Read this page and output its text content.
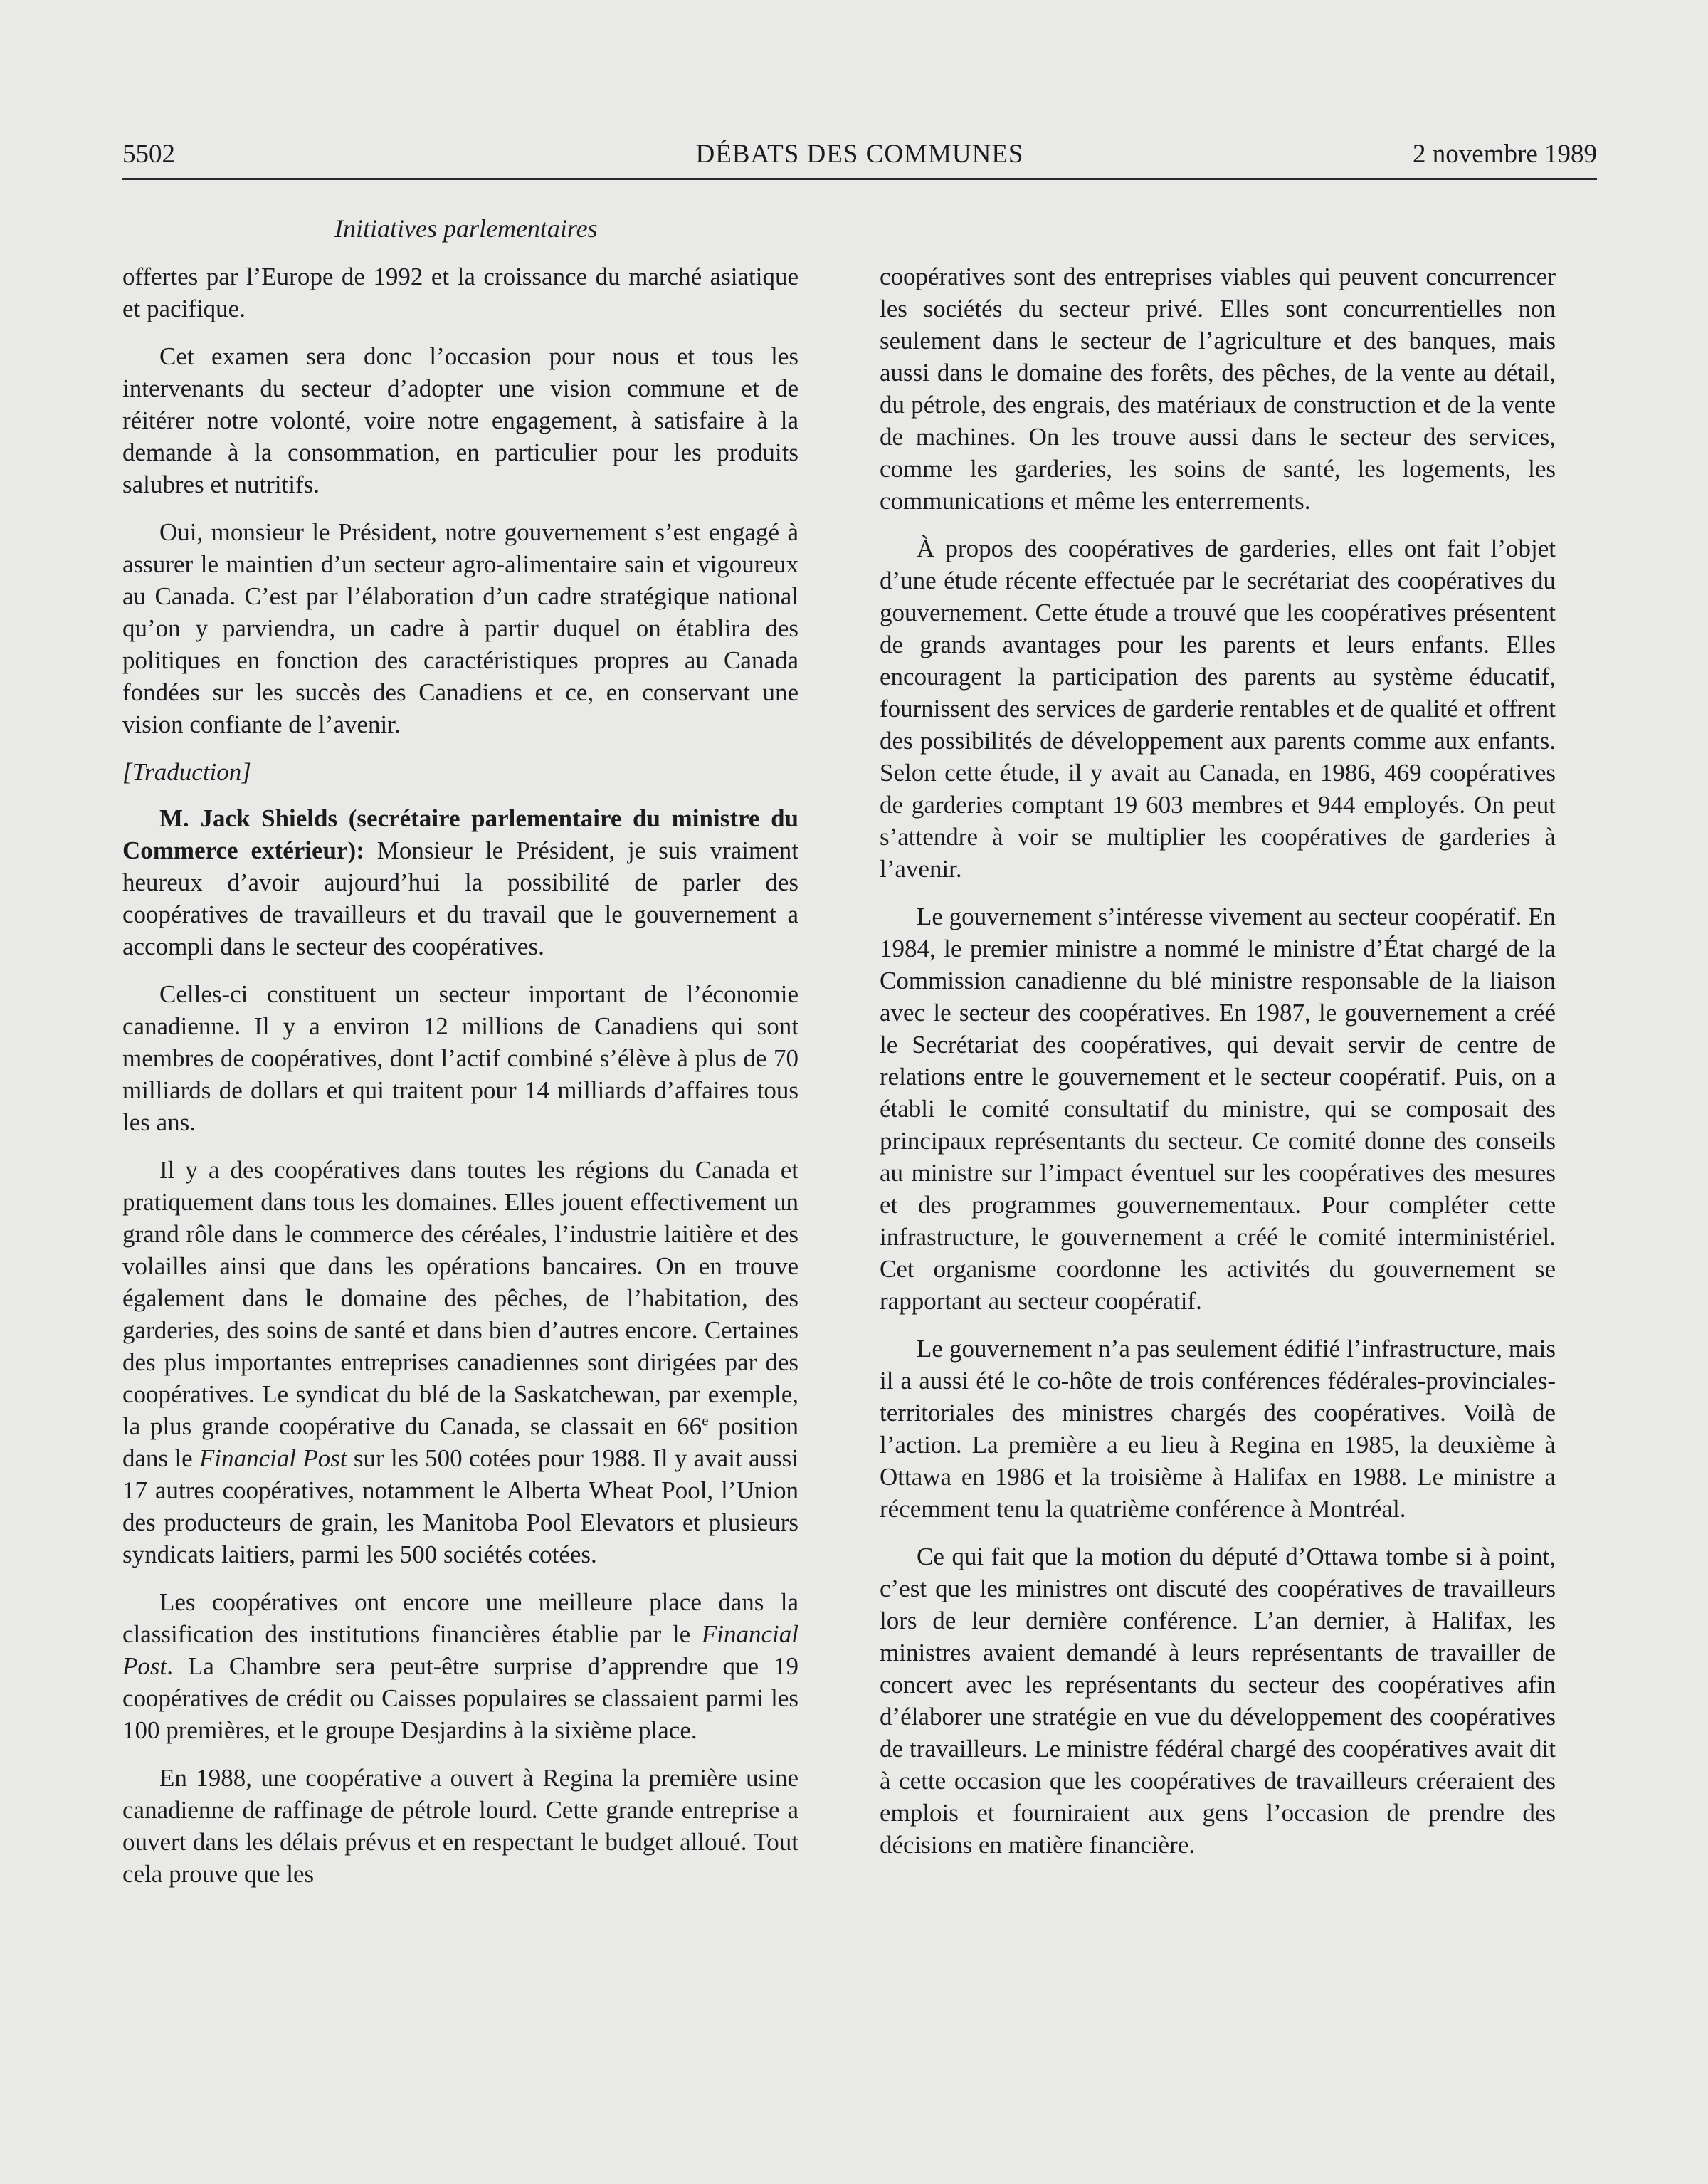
5502	DÉBATS DES COMMUNES	2 novembre 1989
Initiatives parlementaires

offertes par l’Europe de 1992 et la croissance du marché asiatique et pacifique.

Cet examen sera donc l’occasion pour nous et tous les intervenants du secteur d’adopter une vision commune et de réitérer notre volonté, voire notre engagement, à satisfaire à la demande à la consommation, en particulier pour les produits salubres et nutritifs.

Oui, monsieur le Président, notre gouvernement s’est engagé à assurer le maintien d’un secteur agro-alimentaire sain et vigoureux au Canada. C’est par l’élaboration d’un cadre stratégique national qu’on y parviendra, un cadre à partir duquel on établira des politiques en fonction des caractéristiques propres au Canada fondées sur les succès des Canadiens et ce, en conservant une vision confiante de l’avenir.

[Traduction]

M. Jack Shields (secrétaire parlementaire du ministre du Commerce extérieur): Monsieur le Président, je suis vraiment heureux d’avoir aujourd’hui la possibilité de parler des coopératives de travailleurs et du travail que le gouvernement a accompli dans le secteur des coopératives.

Celles-ci constituent un secteur important de l’économie canadienne. Il y a environ 12 millions de Canadiens qui sont membres de coopératives, dont l’actif combiné s’élève à plus de 70 milliards de dollars et qui traitent pour 14 milliards d’affaires tous les ans.

Il y a des coopératives dans toutes les régions du Canada et pratiquement dans tous les domaines. Elles jouent effectivement un grand rôle dans le commerce des céréales, l’industrie laitière et des volailles ainsi que dans les opérations bancaires. On en trouve également dans le domaine des pêches, de l’habitation, des garderies, des soins de santé et dans bien d’autres encore. Certaines des plus importantes entreprises canadiennes sont dirigées par des coopératives. Le syndicat du blé de la Saskatchewan, par exemple, la plus grande coopérative du Canada, se classait en 66e position dans le Financial Post sur les 500 cotées pour 1988. Il y avait aussi 17 autres coopératives, notamment le Alberta Wheat Pool, l’Union des producteurs de grain, les Manitoba Pool Elevators et plusieurs syndicats laitiers, parmi les 500 sociétés cotées.

Les coopératives ont encore une meilleure place dans la classification des institutions financières établie par le Financial Post. La Chambre sera peut-être surprise d’apprendre que 19 coopératives de crédit ou Caisses populaires se classaient parmi les 100 premières, et le groupe Desjardins à la sixième place.

En 1988, une coopérative a ouvert à Regina la première usine canadienne de raffinage de pétrole lourd. Cette grande entreprise a ouvert dans les délais prévus et en respectant le budget alloué. Tout cela prouve que les

coopératives sont des entreprises viables qui peuvent concurrencer les sociétés du secteur privé. Elles sont concurrentielles non seulement dans le secteur de l’agriculture et des banques, mais aussi dans le domaine des forêts, des pêches, de la vente au détail, du pétrole, des engrais, des matériaux de construction et de la vente de machines. On les trouve aussi dans le secteur des services, comme les garderies, les soins de santé, les logements, les communications et même les enterrements.

À propos des coopératives de garderies, elles ont fait l’objet d’une étude récente effectuée par le secrétariat des coopératives du gouvernement. Cette étude a trouvé que les coopératives présentent de grands avantages pour les parents et leurs enfants. Elles encouragent la participation des parents au système éducatif, fournissent des services de garderie rentables et de qualité et offrent des possibilités de développement aux parents comme aux enfants. Selon cette étude, il y avait au Canada, en 1986, 469 coopératives de garderies comptant 19 603 membres et 944 employés. On peut s’attendre à voir se multiplier les coopératives de garderies à l’avenir.

Le gouvernement s’intéresse vivement au secteur coopératif. En 1984, le premier ministre a nommé le ministre d’État chargé de la Commission canadienne du blé ministre responsable de la liaison avec le secteur des coopératives. En 1987, le gouvernement a créé le Secrétariat des coopératives, qui devait servir de centre de relations entre le gouvernement et le secteur coopératif. Puis, on a établi le comité consultatif du ministre, qui se composait des principaux représentants du secteur. Ce comité donne des conseils au ministre sur l’impact éventuel sur les coopératives des mesures et des programmes gouvernementaux. Pour compléter cette infrastructure, le gouvernement a créé le comité interministériel. Cet organisme coordonne les activités du gouvernement se rapportant au secteur coopératif.

Le gouvernement n’a pas seulement édifié l’infrastructure, mais il a aussi été le co-hôte de trois conférences fédérales-provinciales-territoriales des ministres chargés des coopératives. Voilà de l’action. La première a eu lieu à Regina en 1985, la deuxième à Ottawa en 1986 et la troisième à Halifax en 1988. Le ministre a récemment tenu la quatrième conférence à Montréal.

Ce qui fait que la motion du député d’Ottawa tombe si à point, c’est que les ministres ont discuté des coopératives de travailleurs lors de leur dernière conférence. L’an dernier, à Halifax, les ministres avaient demandé à leurs représentants de travailler de concert avec les représentants du secteur des coopératives afin d’élaborer une stratégie en vue du développement des coopératives de travailleurs. Le ministre fédéral chargé des coopératives avait dit à cette occasion que les coopératives de travailleurs créeraient des emplois et fourniraient aux gens l’occasion de prendre des décisions en matière financière.
